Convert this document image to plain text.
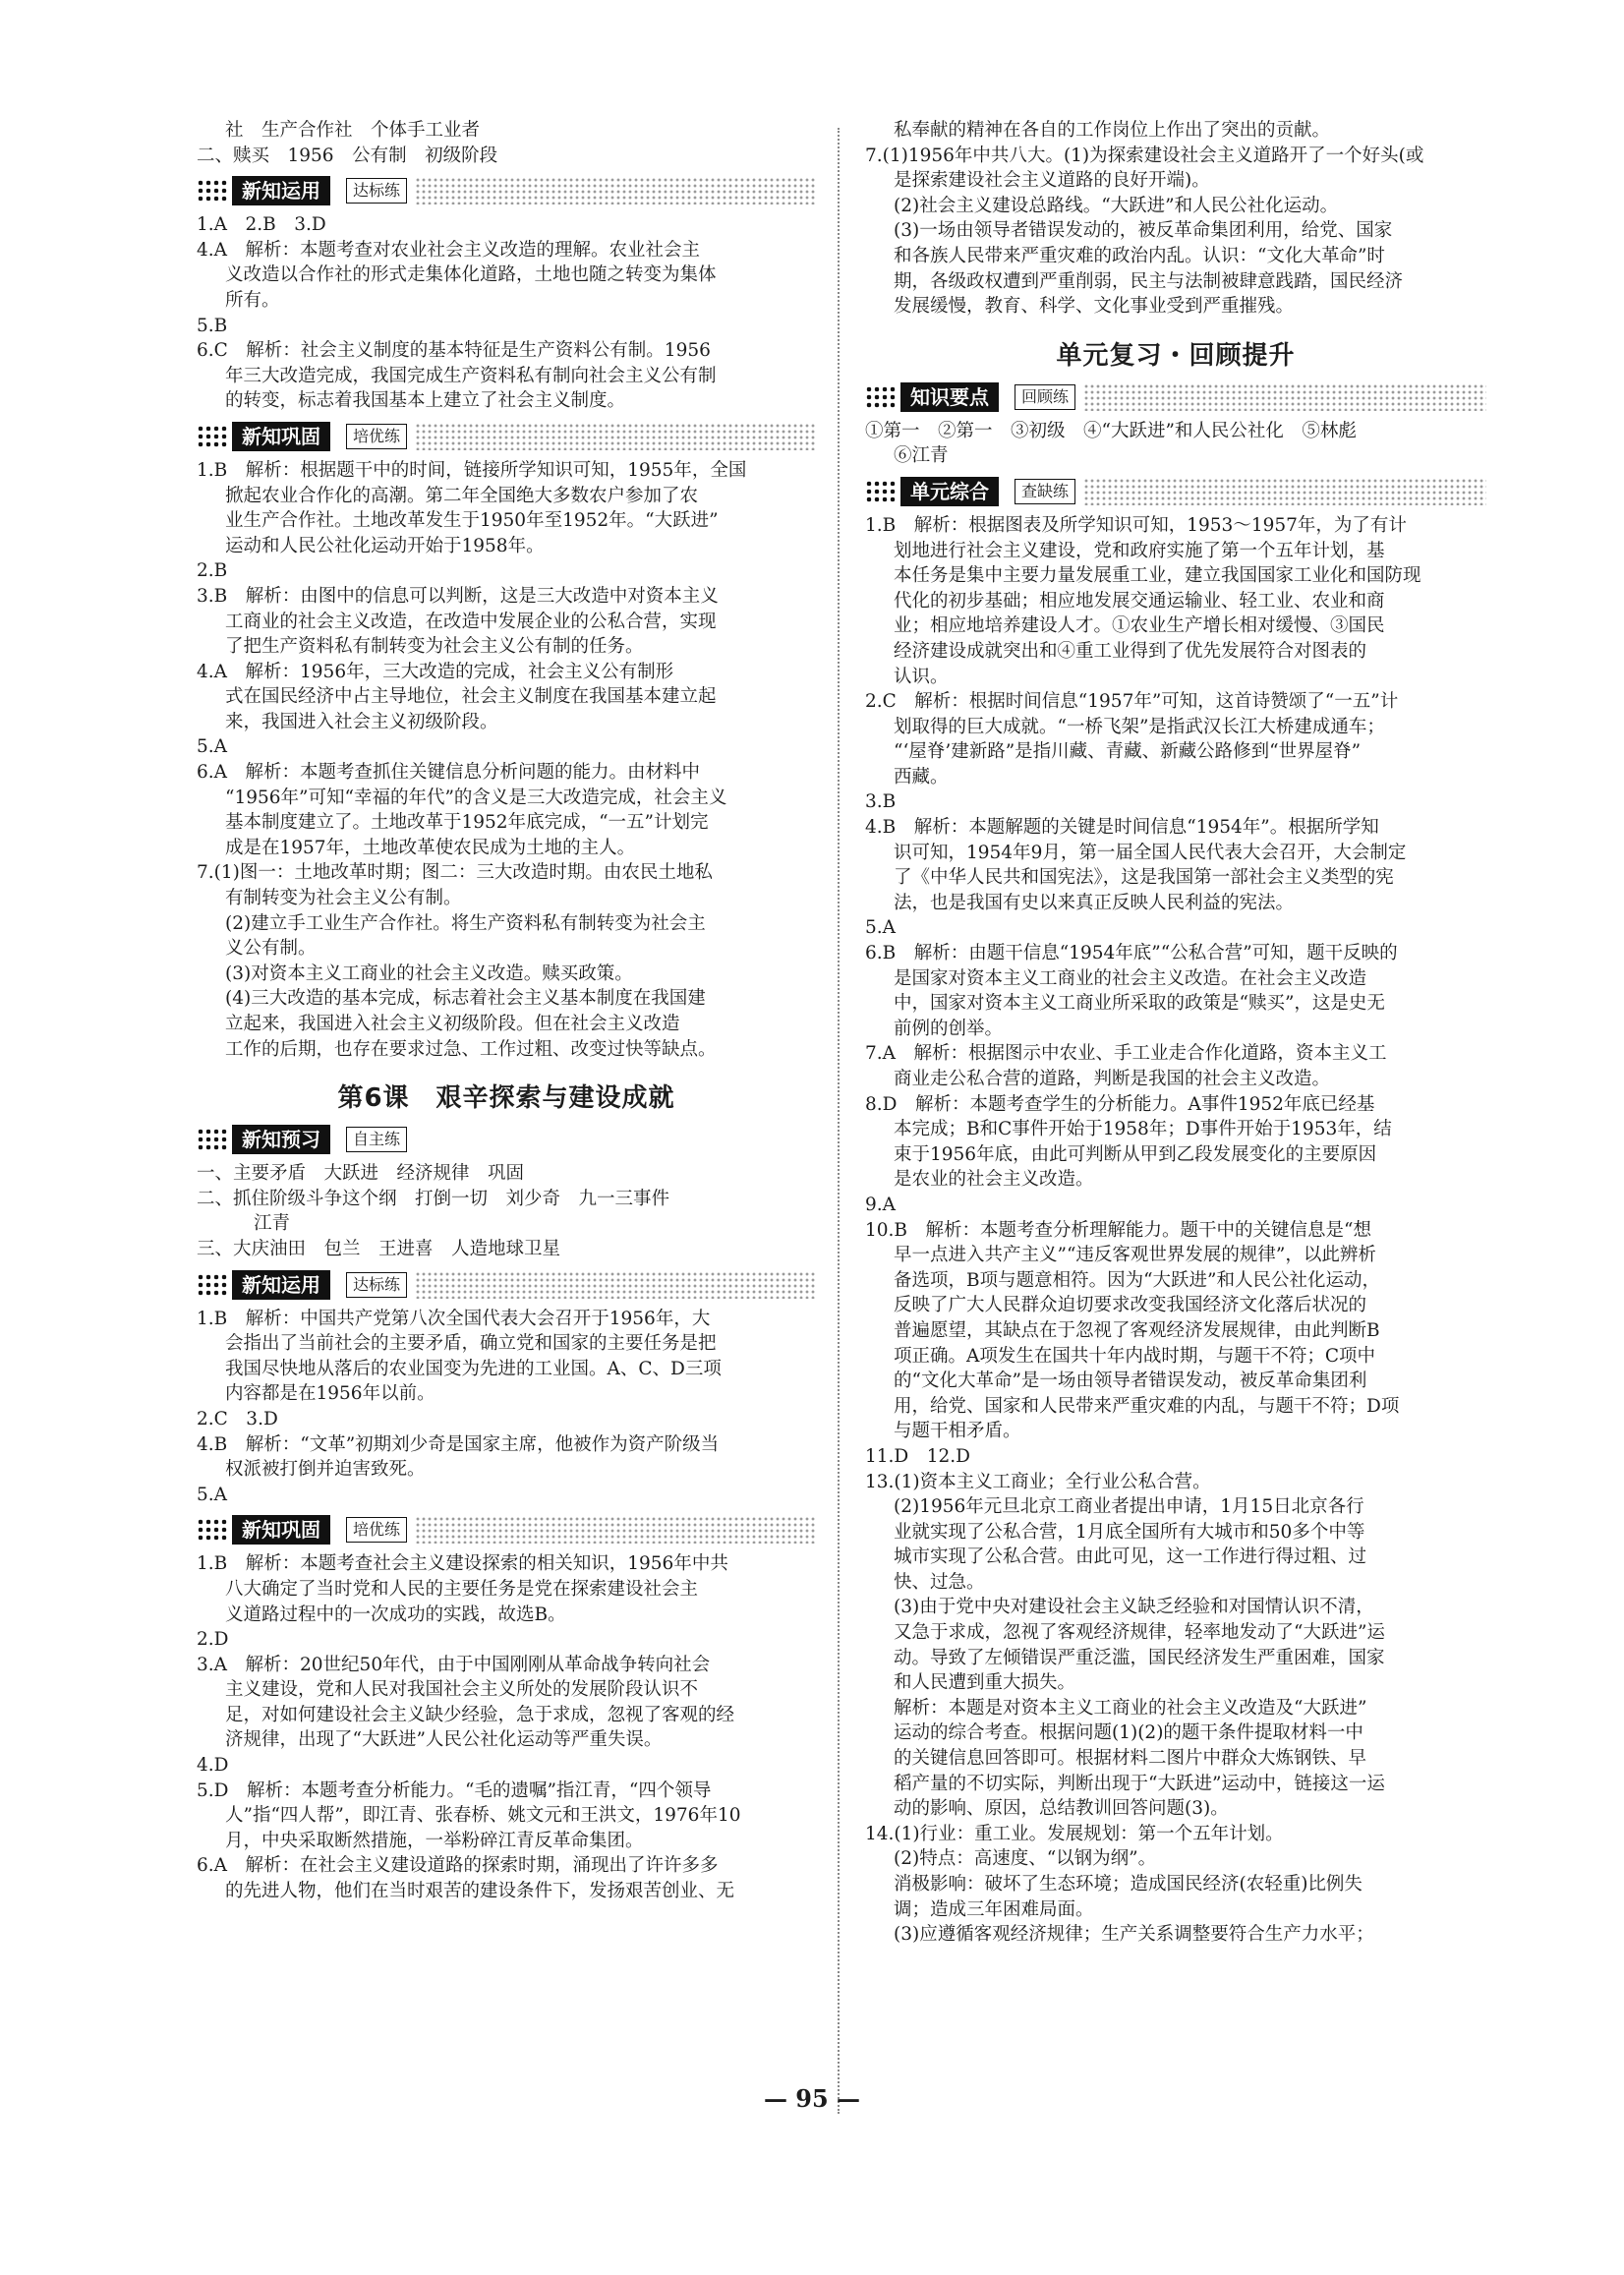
社　生产合作社　个体手工业者
二、赎买　1956　公有制　初级阶段
新知运用	达标练
1.A　2.B　3.D
4.A　解析：本题考查对农业社会主义改造的理解。农业社会主
义改造以合作社的形式走集体化道路，土地也随之转变为集体
所有。
5.B
6.C　解析：社会主义制度的基本特征是生产资料公有制。1956
年三大改造完成，我国完成生产资料私有制向社会主义公有制
的转变，标志着我国基本上建立了社会主义制度。
新知巩固	培优练
1.B　解析：根据题干中的时间，链接所学知识可知，1955年，全国
掀起农业合作化的高潮。第二年全国绝大多数农户参加了农
业生产合作社。土地改革发生于1950年至1952年。“大跃进”
运动和人民公社化运动开始于1958年。
2.B
3.B　解析：由图中的信息可以判断，这是三大改造中对资本主义
工商业的社会主义改造，在改造中发展企业的公私合营，实现
了把生产资料私有制转变为社会主义公有制的任务。
4.A　解析：1956年，三大改造的完成，社会主义公有制形
式在国民经济中占主导地位，社会主义制度在我国基本建立起
来，我国进入社会主义初级阶段。
5.A
6.A　解析：本题考查抓住关键信息分析问题的能力。由材料中
“1956年”可知“幸福的年代”的含义是三大改造完成，社会主义
基本制度建立了。土地改革于1952年底完成，“一五”计划完
成是在1957年，土地改革使农民成为土地的主人。
7.(1)图一：土地改革时期；图二：三大改造时期。由农民土地私
有制转变为社会主义公有制。
(2)建立手工业生产合作社。将生产资料私有制转变为社会主
义公有制。
(3)对资本主义工商业的社会主义改造。赎买政策。
(4)三大改造的基本完成，标志着社会主义基本制度在我国建
立起来，我国进入社会主义初级阶段。但在社会主义改造
工作的后期，也存在要求过急、工作过粗、改变过快等缺点。
第6课　艰辛探索与建设成就
新知预习	自主练
一、主要矛盾　大跃进　经济规律　巩固
二、抓住阶级斗争这个纲　打倒一切　刘少奇　九一三事件
江青
三、大庆油田　包兰　王进喜　人造地球卫星
新知运用	达标练
1.B　解析：中国共产党第八次全国代表大会召开于1956年，大
会指出了当前社会的主要矛盾，确立党和国家的主要任务是把
我国尽快地从落后的农业国变为先进的工业国。A、C、D三项
内容都是在1956年以前。
2.C　3.D
4.B　解析：“文革”初期刘少奇是国家主席，他被作为资产阶级当
权派被打倒并迫害致死。
5.A
新知巩固	培优练
1.B　解析：本题考查社会主义建设探索的相关知识，1956年中共
八大确定了当时党和人民的主要任务是党在探索建设社会主
义道路过程中的一次成功的实践，故选B。
2.D
3.A　解析：20世纪50年代，由于中国刚刚从革命战争转向社会
主义建设，党和人民对我国社会主义所处的发展阶段认识不
足，对如何建设社会主义缺少经验，急于求成，忽视了客观的经
济规律，出现了“大跃进”人民公社化运动等严重失误。
4.D
5.D　解析：本题考查分析能力。“毛的遗嘱”指江青，“四个领导
人”指“四人帮”，即江青、张春桥、姚文元和王洪文，1976年10
月，中央采取断然措施，一举粉碎江青反革命集团。
6.A　解析：在社会主义建设道路的探索时期，涌现出了许许多多
的先进人物，他们在当时艰苦的建设条件下，发扬艰苦创业、无
私奉献的精神在各自的工作岗位上作出了突出的贡献。
7.(1)1956年中共八大。(1)为探索建设社会主义道路开了一个好头(或
是探索建设社会主义道路的良好开端)。
(2)社会主义建设总路线。“大跃进”和人民公社化运动。
(3)一场由领导者错误发动的，被反革命集团利用，给党、国家
和各族人民带来严重灾难的政治内乱。认识：“文化大革命”时
期，各级政权遭到严重削弱，民主与法制被肆意践踏，国民经济
发展缓慢，教育、科学、文化事业受到严重摧残。
单元复习・回顾提升
知识要点	回顾练
①第一　②第一　③初级　④“大跃进”和人民公社化　⑤林彪
⑥江青
单元综合	查缺练
1.B　解析：根据图表及所学知识可知，1953～1957年，为了有计
划地进行社会主义建设，党和政府实施了第一个五年计划，基
本任务是集中主要力量发展重工业，建立我国国家工业化和国防现
代化的初步基础；相应地发展交通运输业、轻工业、农业和商
业；相应地培养建设人才。①农业生产增长相对缓慢、③国民
经济建设成就突出和④重工业得到了优先发展符合对图表的
认识。
2.C　解析：根据时间信息“1957年”可知，这首诗赞颂了“一五”计
划取得的巨大成就。“一桥飞架”是指武汉长江大桥建成通车；
“‘屋脊’建新路”是指川藏、青藏、新藏公路修到“世界屋脊”
西藏。
3.B
4.B　解析：本题解题的关键是时间信息“1954年”。根据所学知
识可知，1954年9月，第一届全国人民代表大会召开，大会制定
了《中华人民共和国宪法》，这是我国第一部社会主义类型的宪
法，也是我国有史以来真正反映人民利益的宪法。
5.A
6.B　解析：由题干信息“1954年底”“公私合营”可知，题干反映的
是国家对资本主义工商业的社会主义改造。在社会主义改造
中，国家对资本主义工商业所采取的政策是“赎买”，这是史无
前例的创举。
7.A　解析：根据图示中农业、手工业走合作化道路，资本主义工
商业走公私合营的道路，判断是我国的社会主义改造。
8.D　解析：本题考查学生的分析能力。A事件1952年底已经基
本完成；B和C事件开始于1958年；D事件开始于1953年，结
束于1956年底，由此可判断从甲到乙段发展变化的主要原因
是农业的社会主义改造。
9.A
10.B　解析：本题考查分析理解能力。题干中的关键信息是“想
早一点进入共产主义”“违反客观世界发展的规律”，以此辨析
备选项，B项与题意相符。因为“大跃进”和人民公社化运动，
反映了广大人民群众迫切要求改变我国经济文化落后状况的
普遍愿望，其缺点在于忽视了客观经济发展规律，由此判断B
项正确。A项发生在国共十年内战时期，与题干不符；C项中
的“文化大革命”是一场由领导者错误发动，被反革命集团利
用，给党、国家和人民带来严重灾难的内乱，与题干不符；D项
与题干相矛盾。
11.D　12.D
13.(1)资本主义工商业；全行业公私合营。
(2)1956年元旦北京工商业者提出申请，1月15日北京各行
业就实现了公私合营，1月底全国所有大城市和50多个中等
城市实现了公私合营。由此可见，这一工作进行得过粗、过
快、过急。
(3)由于党中央对建设社会主义缺乏经验和对国情认识不清，
又急于求成，忽视了客观经济规律，轻率地发动了“大跃进”运
动。导致了左倾错误严重泛滥，国民经济发生严重困难，国家
和人民遭到重大损失。
解析：本题是对资本主义工商业的社会主义改造及“大跃进”
运动的综合考查。根据问题(1)(2)的题干条件提取材料一中
的关键信息回答即可。根据材料二图片中群众大炼钢铁、早
稻产量的不切实际，判断出现于“大跃进”运动中，链接这一运
动的影响、原因，总结教训回答问题(3)。
14.(1)行业：重工业。发展规划：第一个五年计划。
(2)特点：高速度、“以钢为纲”。
消极影响：破坏了生态环境；造成国民经济(农轻重)比例失
调；造成三年困难局面。
(3)应遵循客观经济规律；生产关系调整要符合生产力水平；
— 95 —
